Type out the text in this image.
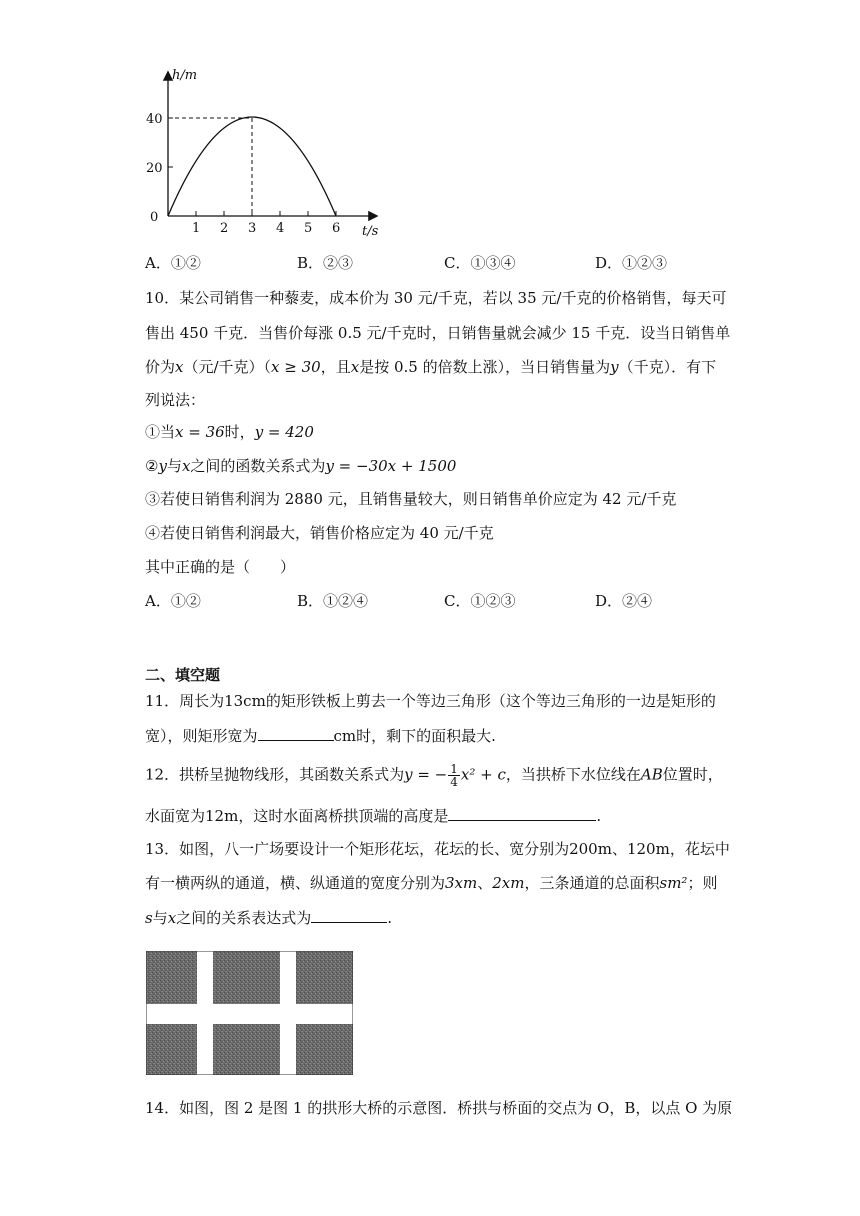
h/m
t/s
0
20
40
1 2 3 4 5 6
A．①②	B．②③	C．①③④	D．①②③
10．某公司销售一种藜麦，成本价为 30 元/千克，若以 35 元/千克的价格销售，每天可
售出 450 千克．当售价每涨 0.5 元/千克时，日销售量就会减少 15 千克．设当日销售单
价为x（元/千克）（x ≥ 30，且x是按 0.5 的倍数上涨），当日销售量为y（千克）．有下
列说法：
①当x = 36时，y = 420
②y与x之间的函数关系式为y = −30x + 1500
③若使日销售利润为 2880 元，且销售量较大，则日销售单价应定为 42 元/千克
④若使日销售利润最大，销售价格应定为 40 元/千克
其中正确的是（　　）
A．①②	B．①②④	C．①②③	D．②④
二、填空题
11．周长为13cm的矩形铁板上剪去一个等边三角形（这个等边三角形的一边是矩形的
宽），则矩形宽为	cm时，剩下的面积最大.
12．拱桥呈抛物线形，其函数关系式为y = − $\frac{1}{4} x^2 + c$，当拱桥下水位线在AB位置时，
水面宽为12m，这时水面离桥拱顶端的高度是	.
13．如图，八一广场要设计一个矩形花坛，花坛的长、宽分别为200m、120m，花坛中
有一横两纵的通道，横、纵通道的宽度分别为3xm、2xm，三条通道的总面积sm²；则
s与x之间的关系表达式为	.
14．如图，图 2 是图 1 的拱形大桥的示意图．桥拱与桥面的交点为 O，B，以点 O 为原
